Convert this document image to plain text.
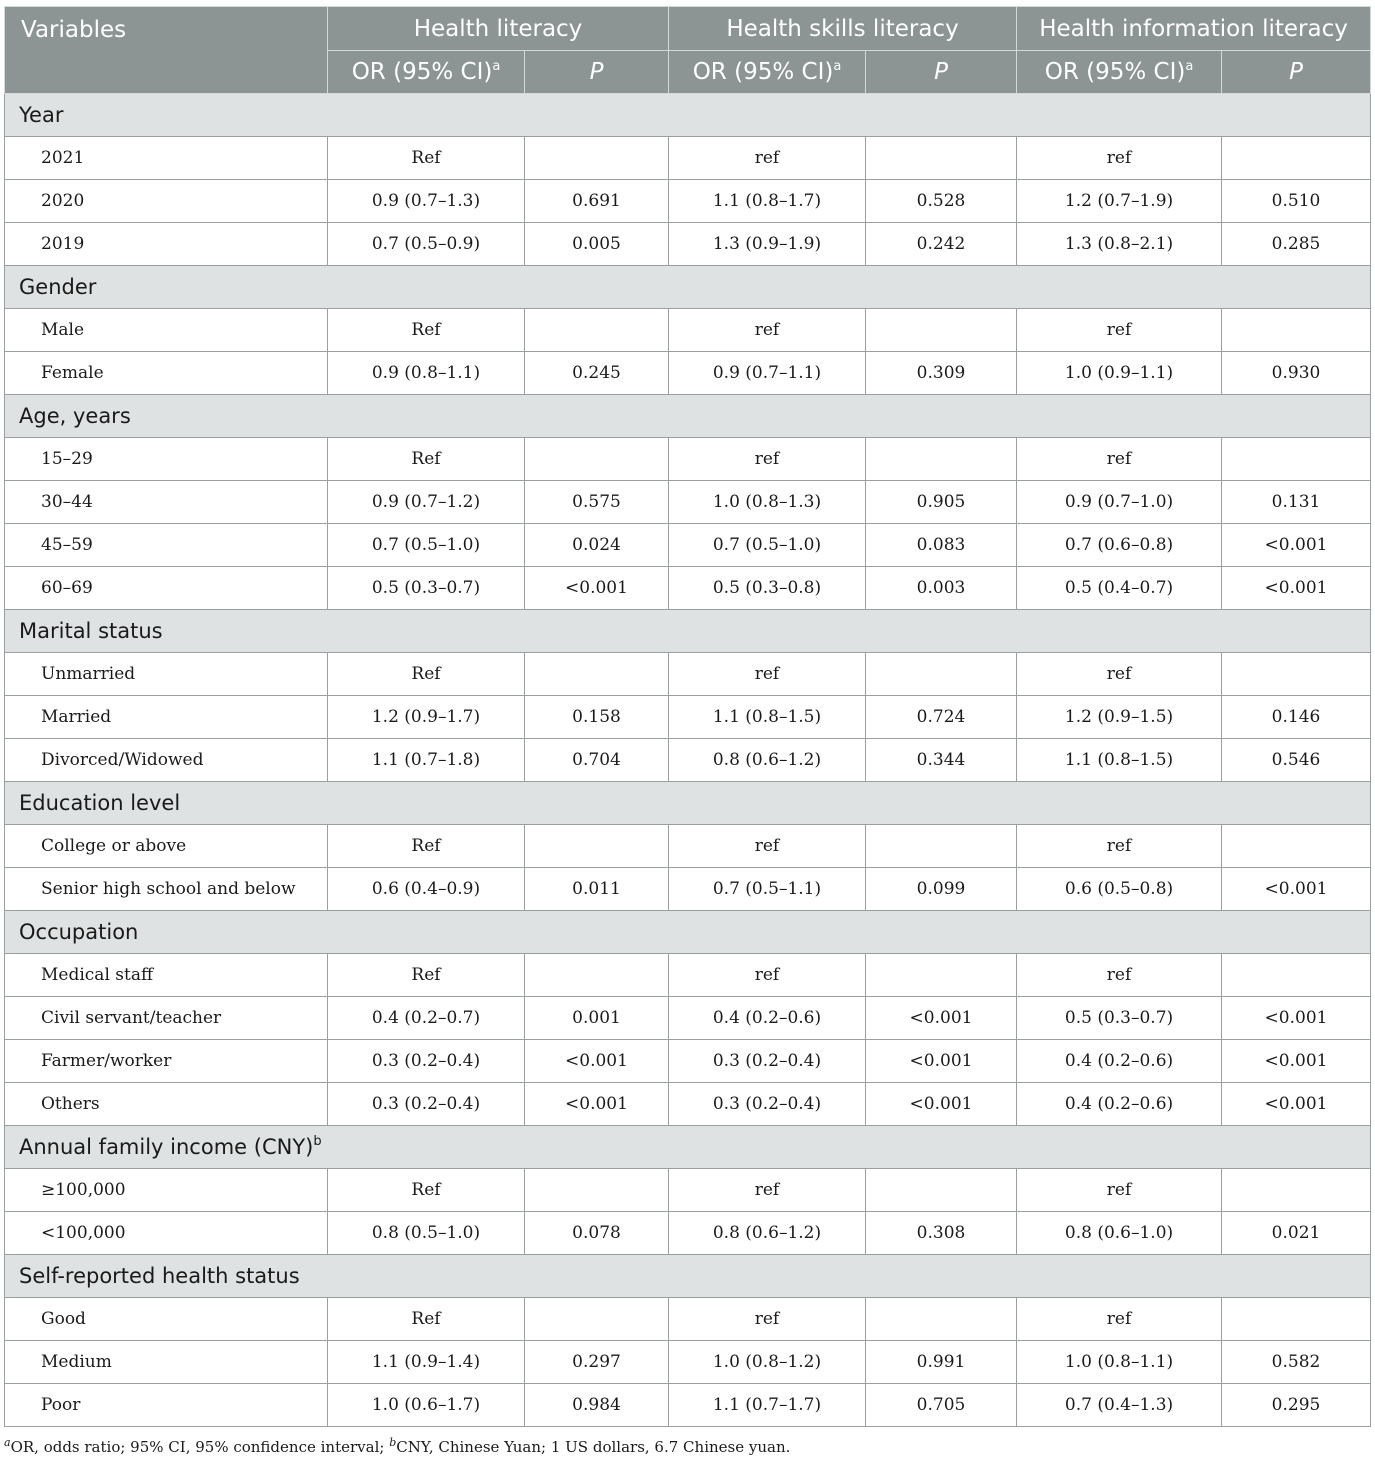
Variables	Health literacy		Health skills literacy		Health information literacy	
	OR (95% CI)$^a$	P	OR (95% CI)$^a$	P	OR (95% CI)$^a$	P
Year						
2021	Ref		ref		ref	
2020	0.9 (0.7–1.3)	0.691	1.1 (0.8–1.7)	0.528	1.2 (0.7–1.9)	0.510
2019	0.7 (0.5–0.9)	0.005	1.3 (0.9–1.9)	0.242	1.3 (0.8–2.1)	0.285
Gender						
Male	Ref		ref		ref	
Female	0.9 (0.8–1.1)	0.245	0.9 (0.7–1.1)	0.309	1.0 (0.9–1.1)	0.930
Age, years						
15–29	Ref		ref		ref	
30–44	0.9 (0.7–1.2)	0.575	1.0 (0.8–1.3)	0.905	0.9 (0.7–1.0)	0.131
45–59	0.7 (0.5–1.0)	0.024	0.7 (0.5–1.0)	0.083	0.7 (0.6–0.8)	<0.001
60–69	0.5 (0.3–0.7)	<0.001	0.5 (0.3–0.8)	0.003	0.5 (0.4–0.7)	<0.001
Marital status						
Unmarried	Ref		ref		ref	
Married	1.2 (0.9–1.7)	0.158	1.1 (0.8–1.5)	0.724	1.2 (0.9–1.5)	0.146
Divorced/Widowed	1.1 (0.7–1.8)	0.704	0.8 (0.6–1.2)	0.344	1.1 (0.8–1.5)	0.546
Education level						
College or above	Ref		ref		ref	
Senior high school and below	0.6 (0.4–0.9)	0.011	0.7 (0.5–1.1)	0.099	0.6 (0.5–0.8)	<0.001
Occupation						
Medical staff	Ref		ref		ref	
Civil servant/teacher	0.4 (0.2–0.7)	0.001	0.4 (0.2–0.6)	<0.001	0.5 (0.3–0.7)	<0.001
Farmer/worker	0.3 (0.2–0.4)	<0.001	0.3 (0.2–0.4)	<0.001	0.4 (0.2–0.6)	<0.001
Others	0.3 (0.2–0.4)	<0.001	0.3 (0.2–0.4)	<0.001	0.4 (0.2–0.6)	<0.001
Annual family income (CNY)$^b$
≥100,000	Ref		ref		ref	
<100,000	0.8 (0.5–1.0)	0.078	0.8 (0.6–1.2)	0.308	0.8 (0.6–1.0)	0.021
Self-reported health status						
Good	Ref		ref		ref	
Medium	1.1 (0.9–1.4)	0.297	1.0 (0.8–1.2)	0.991	1.0 (0.8–1.1)	0.582
Poor	1.0 (0.6–1.7)	0.984	1.1 (0.7–1.7)	0.705	0.7 (0.4–1.3)	0.295
$^a$OR, odds ratio; 95% CI, 95% confidence interval; $^b$CNY, Chinese Yuan; 1 US dollars, 6.7 Chinese yuan.
